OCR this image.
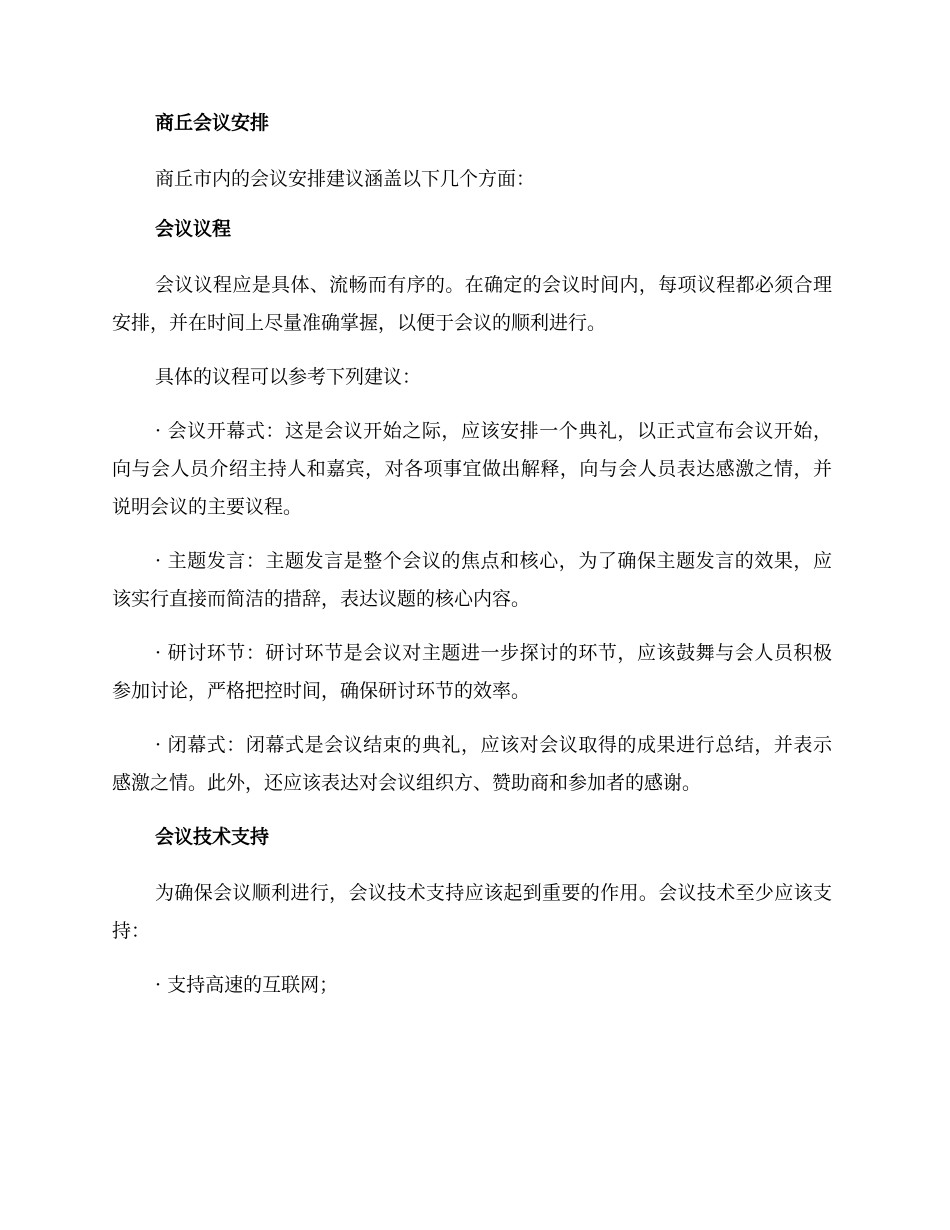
商丘会议安排

商丘市内的会议安排建议涵盖以下几个方面：

会议议程

会议议程应是具体、流畅而有序的。在确定的会议时间内，每项议程都必须合理安排，并在时间上尽量准确掌握，以便于会议的顺利进行。

具体的议程可以参考下列建议：

· 会议开幕式：这是会议开始之际，应该安排一个典礼，以正式宣布会议开始，向与会人员介绍主持人和嘉宾，对各项事宜做出解释，向与会人员表达感激之情，并说明会议的主要议程。

· 主题发言：主题发言是整个会议的焦点和核心，为了确保主题发言的效果，应该实行直接而简洁的措辞，表达议题的核心内容。

· 研讨环节：研讨环节是会议对主题进一步探讨的环节，应该鼓舞与会人员积极参加讨论，严格把控时间，确保研讨环节的效率。

· 闭幕式：闭幕式是会议结束的典礼，应该对会议取得的成果进行总结，并表示感激之情。此外，还应该表达对会议组织方、赞助商和参加者的感谢。

会议技术支持

为确保会议顺利进行，会议技术支持应该起到重要的作用。会议技术至少应该支持：

· 支持高速的互联网；
